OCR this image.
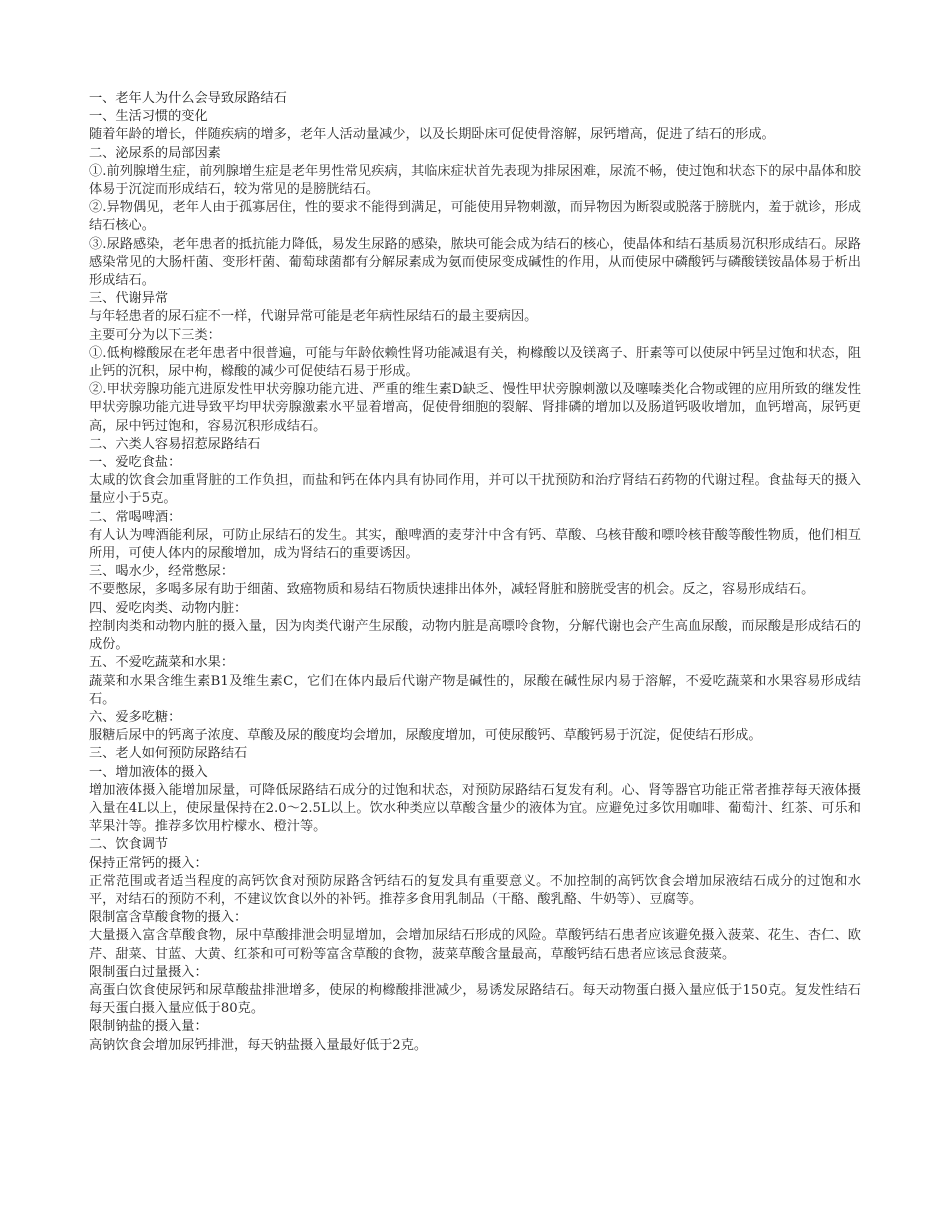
一、老年人为什么会导致尿路结石

一、生活习惯的变化

随着年龄的增长，伴随疾病的增多，老年人活动量减少，以及长期卧床可促使骨溶解，尿钙增高，促进了结石的形成。

二、泌尿系的局部因素

①.前列腺增生症，前列腺增生症是老年男性常见疾病，其临床症状首先表现为排尿困难，尿流不畅，使过饱和状态下的尿中晶体和胶体易于沉淀而形成结石，较为常见的是膀胱结石。

②.异物偶见，老年人由于孤寡居住，性的要求不能得到满足，可能使用异物刺激，而异物因为断裂或脱落于膀胱内，羞于就诊，形成结石核心。

③.尿路感染，老年患者的抵抗能力降低，易发生尿路的感染，脓块可能会成为结石的核心，使晶体和结石基质易沉积形成结石。尿路感染常见的大肠杆菌、变形杆菌、葡萄球菌都有分解尿素成为氨而使尿变成碱性的作用，从而使尿中磷酸钙与磷酸镁铵晶体易于析出形成结石。

三、代谢异常

与年轻患者的尿石症不一样，代谢异常可能是老年病性尿结石的最主要病因。

主要可分为以下三类：

①.低枸橼酸尿在老年患者中很普遍，可能与年龄依赖性肾功能减退有关，枸橼酸以及镁离子、肝素等可以使尿中钙呈过饱和状态，阻止钙的沉积，尿中枸，橼酸的减少可促使结石易于形成。

②.甲状旁腺功能亢进原发性甲状旁腺功能亢进、严重的维生素D缺乏、慢性甲状旁腺刺激以及噻嗪类化合物或锂的应用所致的继发性甲状旁腺功能亢进导致平均甲状旁腺激素水平显着增高，促使骨细胞的裂解、肾排磷的增加以及肠道钙吸收增加，血钙增高，尿钙更高，尿中钙过饱和，容易沉积形成结石。

二、六类人容易招惹尿路结石

一、爱吃食盐：

太咸的饮食会加重肾脏的工作负担，而盐和钙在体内具有协同作用，并可以干扰预防和治疗肾结石药物的代谢过程。食盐每天的摄入量应小于5克。

二、常喝啤酒：

有人认为啤酒能利尿，可防止尿结石的发生。其实，酿啤酒的麦芽汁中含有钙、草酸、乌核苷酸和嘌呤核苷酸等酸性物质，他们相互所用，可使人体内的尿酸增加，成为肾结石的重要诱因。

三、喝水少，经常憋尿：

不要憋尿，多喝多尿有助于细菌、致癌物质和易结石物质快速排出体外，减轻肾脏和膀胱受害的机会。反之，容易形成结石。

四、爱吃肉类、动物内脏：

控制肉类和动物内脏的摄入量，因为肉类代谢产生尿酸，动物内脏是高嘌呤食物，分解代谢也会产生高血尿酸，而尿酸是形成结石的成份。

五、不爱吃蔬菜和水果：

蔬菜和水果含维生素B1及维生素C，它们在体内最后代谢产物是碱性的，尿酸在碱性尿内易于溶解，不爱吃蔬菜和水果容易形成结石。

六、爱多吃糖：

服糖后尿中的钙离子浓度、草酸及尿的酸度均会增加，尿酸度增加，可使尿酸钙、草酸钙易于沉淀，促使结石形成。

三、老人如何预防尿路结石

一、增加液体的摄入

增加液体摄入能增加尿量，可降低尿路结石成分的过饱和状态，对预防尿路结石复发有利。心、肾等器官功能正常者推荐每天液体摄入量在4L以上，使尿量保持在2.0～2.5L以上。饮水种类应以草酸含量少的液体为宜。应避免过多饮用咖啡、葡萄汁、红茶、可乐和苹果汁等。推荐多饮用柠檬水、橙汁等。

二、饮食调节

保持正常钙的摄入：

正常范围或者适当程度的高钙饮食对预防尿路含钙结石的复发具有重要意义。不加控制的高钙饮食会增加尿液结石成分的过饱和水平，对结石的预防不利，不建议饮食以外的补钙。推荐多食用乳制品（干酪、酸乳酪、牛奶等）、豆腐等。

限制富含草酸食物的摄入：

大量摄入富含草酸食物，尿中草酸排泄会明显增加，会增加尿结石形成的风险。草酸钙结石患者应该避免摄入菠菜、花生、杏仁、欧芹、甜菜、甘蓝、大黄、红茶和可可粉等富含草酸的食物，菠菜草酸含量最高，草酸钙结石患者应该忌食菠菜。

限制蛋白过量摄入：

高蛋白饮食使尿钙和尿草酸盐排泄增多，使尿的枸橼酸排泄减少，易诱发尿路结石。每天动物蛋白摄入量应低于150克。复发性结石每天蛋白摄入量应低于80克。

限制钠盐的摄入量：

高钠饮食会增加尿钙排泄，每天钠盐摄入量最好低于2克。
